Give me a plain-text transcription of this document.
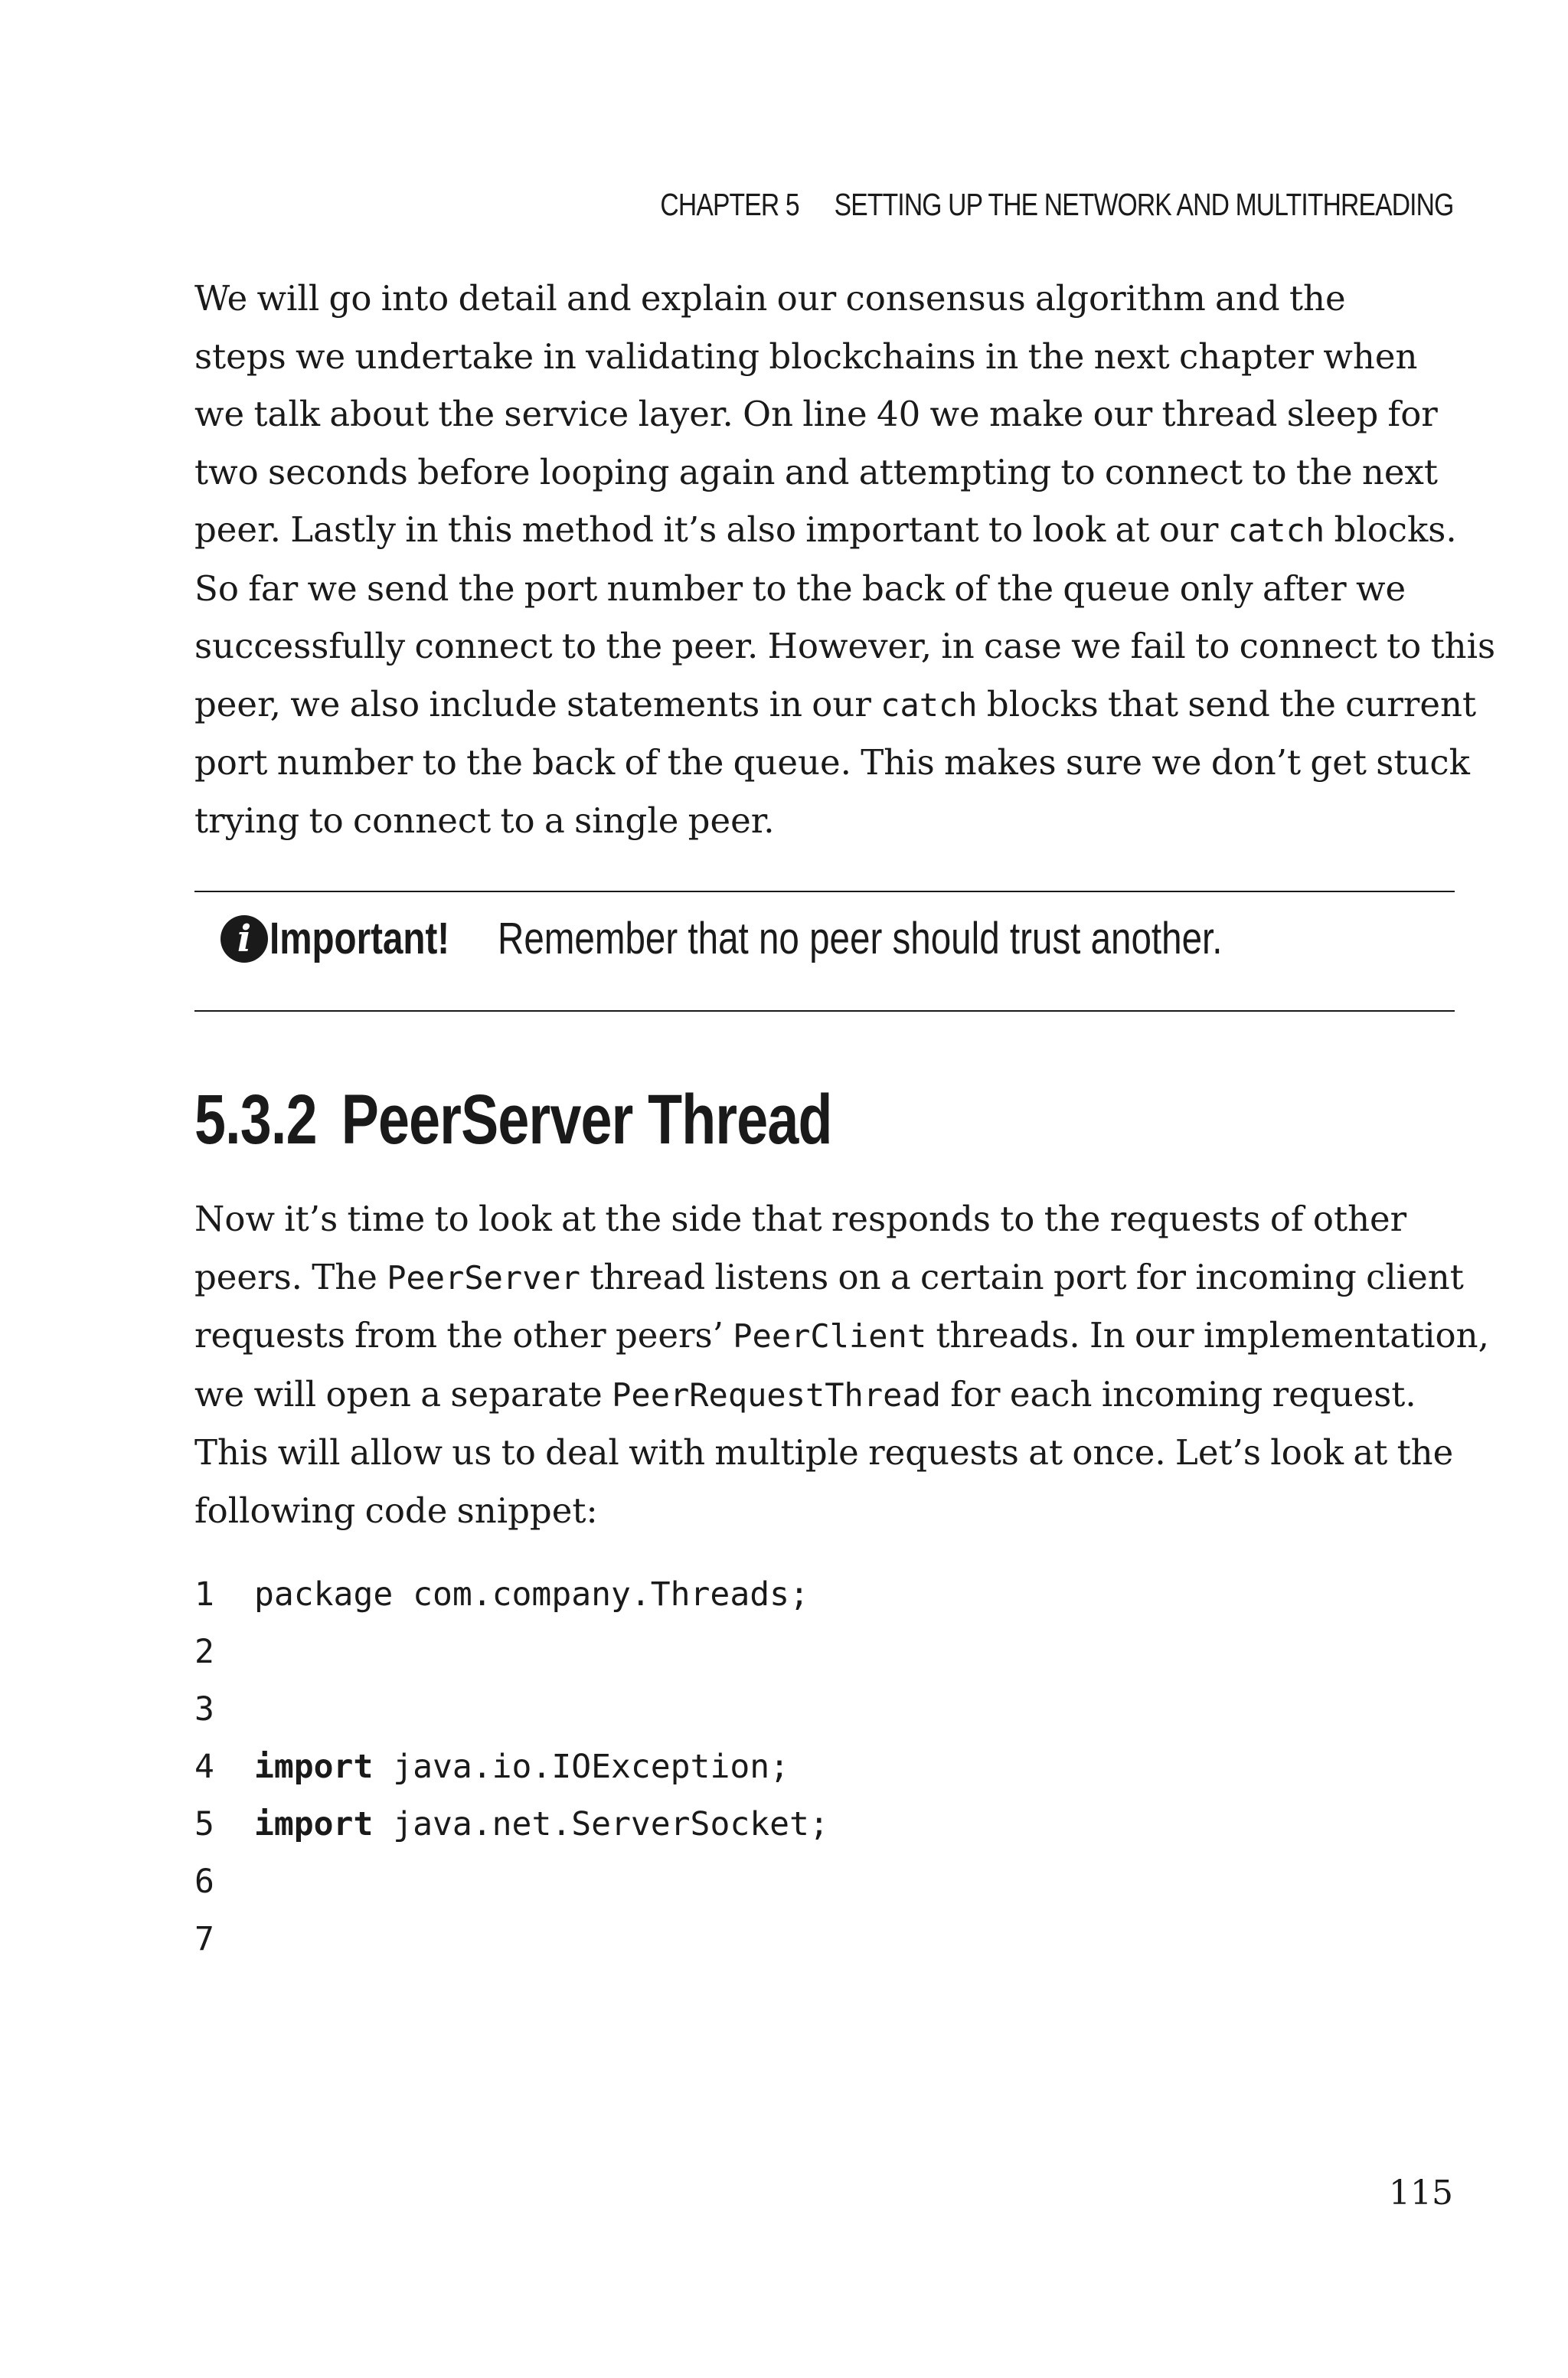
CHAPTER 5 SETTING UP THE NETWORK AND MULTITHREADING
We will go into detail and explain our consensus algorithm and the
steps we undertake in validating blockchains in the next chapter when
we talk about the service layer. On line 40 we make our thread sleep for
two seconds before looping again and attempting to connect to the next
peer. Lastly in this method it’s also important to look at our catch blocks.
So far we send the port number to the back of the queue only after we
successfully connect to the peer. However, in case we fail to connect to this
peer, we also include statements in our catch blocks that send the current
port number to the back of the queue. This makes sure we don’t get stuck
trying to connect to a single peer.
i Important! Remember that no peer should trust another.
5.3.2 PeerServer Thread
Now it’s time to look at the side that responds to the requests of other
peers. The PeerServer thread listens on a certain port for incoming client
requests from the other peers’ PeerClient threads. In our implementation,
we will open a separate PeerRequestThread for each incoming request.
This will allow us to deal with multiple requests at once. Let’s look at the
following code snippet:
1 package com.company.Threads;
2
3
4 import java.io.IOException;
5 import java.net.ServerSocket;
6
7
115
